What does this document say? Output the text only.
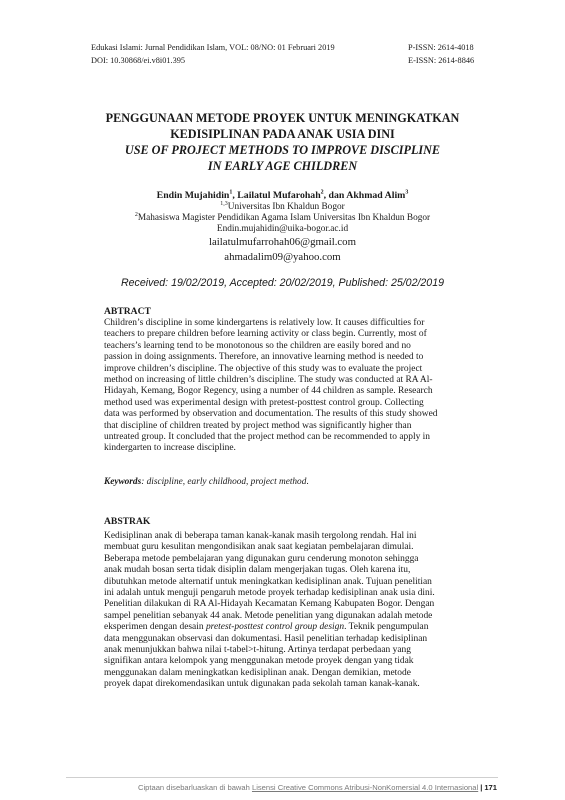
Edukasi Islami: Jurnal Pendidikan Islam, VOL: 08/NO: 01 Februari 2019
DOI: 10.30868/ei.v8i01.395
P-ISSN: 2614-4018
E-ISSN: 2614-8846
PENGGUNAAN METODE PROYEK UNTUK MENINGKATKAN
KEDISIPLINAN PADA ANAK USIA DINI
USE OF PROJECT METHODS TO IMPROVE DISCIPLINE
IN EARLY AGE CHILDREN
Endin Mujahidin$^1$, Lailatul Mufarohah$^2$, dan Akhmad Alim$^3$
$^{1,3}$Universitas Ibn Khaldun Bogor
$^2$Mahasiswa Magister Pendidikan Agama Islam Universitas Ibn Khaldun Bogor
Endin.mujahidin@uika-bogor.ac.id
lailatulmufarrohah06@gmail.com
ahmadalim09@yahoo.com
Received: 19/02/2019, Accepted: 20/02/2019, Published: 25/02/2019
ABTRACT
Children’s discipline in some kindergartens is relatively low. It causes difficulties for
teachers to prepare children before learning activity or class begin. Currently, most of
teachers’s learning tend to be monotonous so the children are easily bored and no
passion in doing assignments. Therefore, an innovative learning method is needed to
improve children’s discipline. The objective of this study was to evaluate the project
method on increasing of little children’s discipline. The study was conducted at RA Al-
Hidayah, Kemang, Bogor Regency, using a number of 44 children as sample. Research
method used was experimental design with pretest-posttest control group. Collecting
data was performed by observation and documentation. The results of this study showed
that discipline of children treated by project method was significantly higher than
untreated group. It concluded that the project method can be recommended to apply in
kindergarten to increase discipline.
Keywords: discipline, early childhood, project method.
ABSTRAK
Kedisiplinan anak di beberapa taman kanak-kanak masih tergolong rendah. Hal ini
membuat guru kesulitan mengondisikan anak saat kegiatan pembelajaran dimulai.
Beberapa metode pembelajaran yang digunakan guru cenderung monoton sehingga
anak mudah bosan serta tidak disiplin dalam mengerjakan tugas. Oleh karena itu,
dibutuhkan metode alternatif untuk meningkatkan kedisiplinan anak. Tujuan penelitian
ini adalah untuk menguji pengaruh metode proyek terhadap kedisiplinan anak usia dini.
Penelitian dilakukan di RA Al-Hidayah Kecamatan Kemang Kabupaten Bogor. Dengan
sampel penelitian sebanyak 44 anak. Metode penelitian yang digunakan adalah metode
eksperimen dengan desain pretest-posttest control group design. Teknik pengumpulan
data menggunakan observasi dan dokumentasi. Hasil penelitian terhadap kedisiplinan
anak menunjukkan bahwa nilai t-tabel>t-hitung. Artinya terdapat perbedaan yang
signifikan antara kelompok yang menggunakan metode proyek dengan yang tidak
menggunakan dalam meningkatkan kedisiplinan anak. Dengan demikian, metode
proyek dapat direkomendasikan untuk digunakan pada sekolah taman kanak-kanak.
Ciptaan disebarluaskan di bawah Lisensi Creative Commons Atribusi-NonKomersial 4.0 Internasional | 171
